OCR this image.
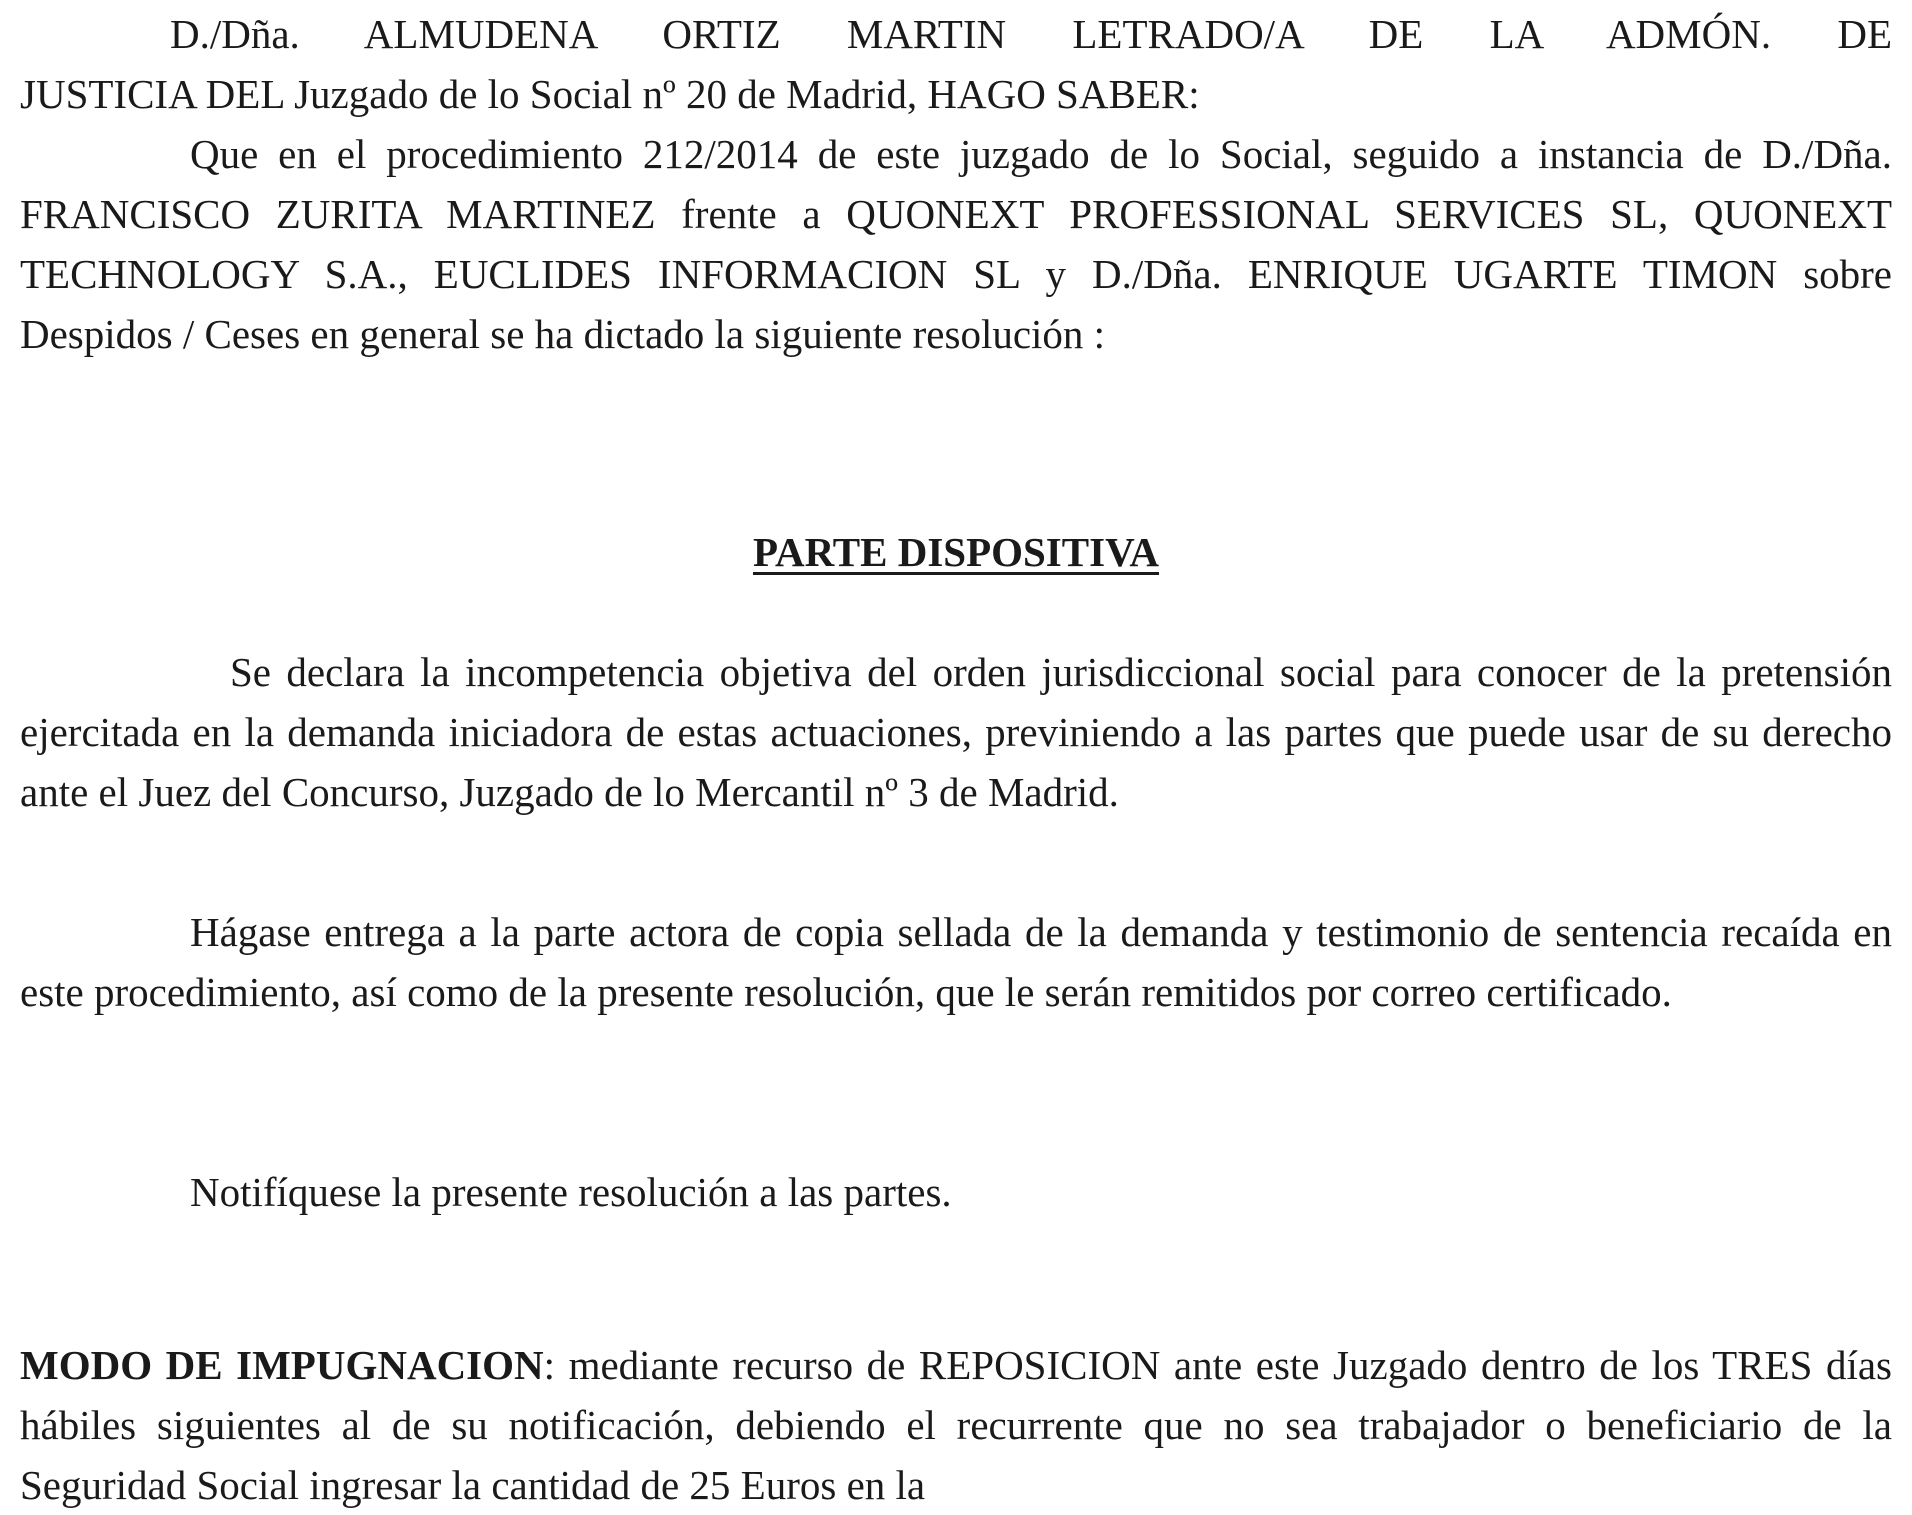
D./Dña. ALMUDENA ORTIZ MARTIN LETRADO/A DE LA ADMÓN. DE
JUSTICIA DEL Juzgado de lo Social nº 20 de Madrid, HAGO SABER:

Que en el procedimiento 212/2014 de este juzgado de lo Social, seguido a instancia de D./Dña. FRANCISCO ZURITA MARTINEZ frente a QUONEXT PROFESSIONAL SERVICES SL, QUONEXT TECHNOLOGY S.A., EUCLIDES INFORMACION SL y D./Dña. ENRIQUE UGARTE TIMON sobre Despidos / Ceses en general se ha dictado la siguiente resolución :

PARTE DISPOSITIVA

Se declara la incompetencia objetiva del orden jurisdiccional social para conocer de la pretensión ejercitada en la demanda iniciadora de estas actuaciones, previniendo a las partes que puede usar de su derecho ante el Juez del Concurso, Juzgado de lo Mercantil nº 3 de Madrid.

Hágase entrega a la parte actora de copia sellada de la demanda y testimonio de sentencia recaída en este procedimiento, así como de la presente resolución, que le serán remitidos por correo certificado.

Notifíquese la presente resolución a las partes.

MODO DE IMPUGNACION: mediante recurso de REPOSICION ante este Juzgado dentro de los TRES días hábiles siguientes al de su notificación, debiendo el recurrente que no sea trabajador o beneficiario de la Seguridad Social ingresar la cantidad de 25 Euros en la
